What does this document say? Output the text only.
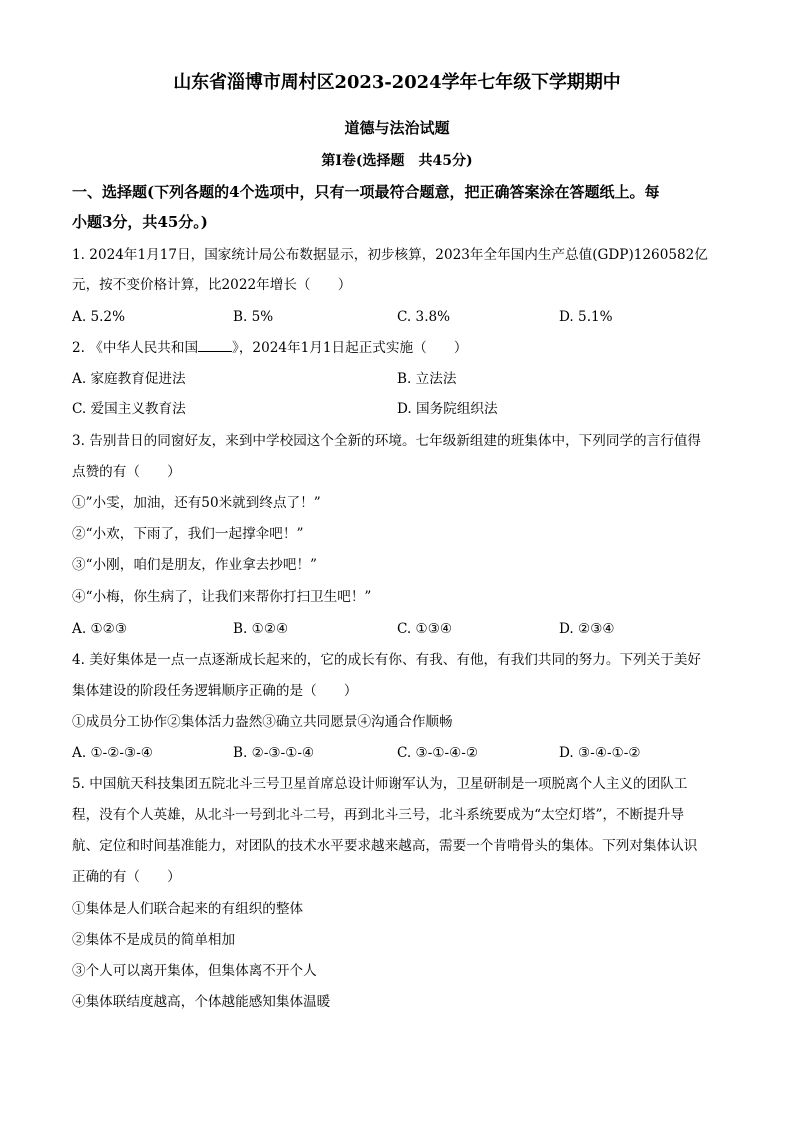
山东省淄博市周村区2023-2024学年七年级下学期期中
道德与法治试题
第Ⅰ卷(选择题　共45分)
一、选择题(下列各题的4个选项中，只有一项最符合题意，把正确答案涂在答题纸上。每
小题3分，共45分。)
1. 2024年1月17日，国家统计局公布数据显示，初步核算，2023年全年国内生产总值(GDP)1260582亿
元，按不变价格计算，比2022年增长（　　）
A. 5.2%	B. 5%	C. 3.8%	D. 5.1%
2. 《中华人民共和国	》，2024年1月1日起正式实施（　　）
A. 家庭教育促进法	B. 立法法
C. 爱国主义教育法	D. 国务院组织法
3. 告别昔日的同窗好友，来到中学校园这个全新的环境。七年级新组建的班集体中，下列同学的言行值得
点赞的有（　　）
①”小雯，加油，还有50米就到终点了！”
②“小欢，下雨了，我们一起撑伞吧！”
③“小刚，咱们是朋友，作业拿去抄吧！”
④“小梅，你生病了，让我们来帮你打扫卫生吧！”
A. ①②③	B. ①②④	C. ①③④	D. ②③④
4. 美好集体是一点一点逐渐成长起来的，它的成长有你、有我、有他，有我们共同的努力。下列关于美好
集体建设的阶段任务逻辑顺序正确的是（　　）
①成员分工协作②集体活力盎然③确立共同愿景④沟通合作顺畅
A. ①-②-③-④	B. ②-③-①-④	C. ③-①-④-②	D. ③-④-①-②
5. 中国航天科技集团五院北斗三号卫星首席总设计师谢军认为，卫星研制是一项脱离个人主义的团队工
程，没有个人英雄，从北斗一号到北斗二号，再到北斗三号，北斗系统要成为“太空灯塔”，不断提升导
航、定位和时间基准能力，对团队的技术水平要求越来越高，需要一个肯啃骨头的集体。下列对集体认识
正确的有（　　）
①集体是人们联合起来的有组织的整体
②集体不是成员的简单相加
③个人可以离开集体，但集体离不开个人
④集体联结度越高，个体越能感知集体温暖
